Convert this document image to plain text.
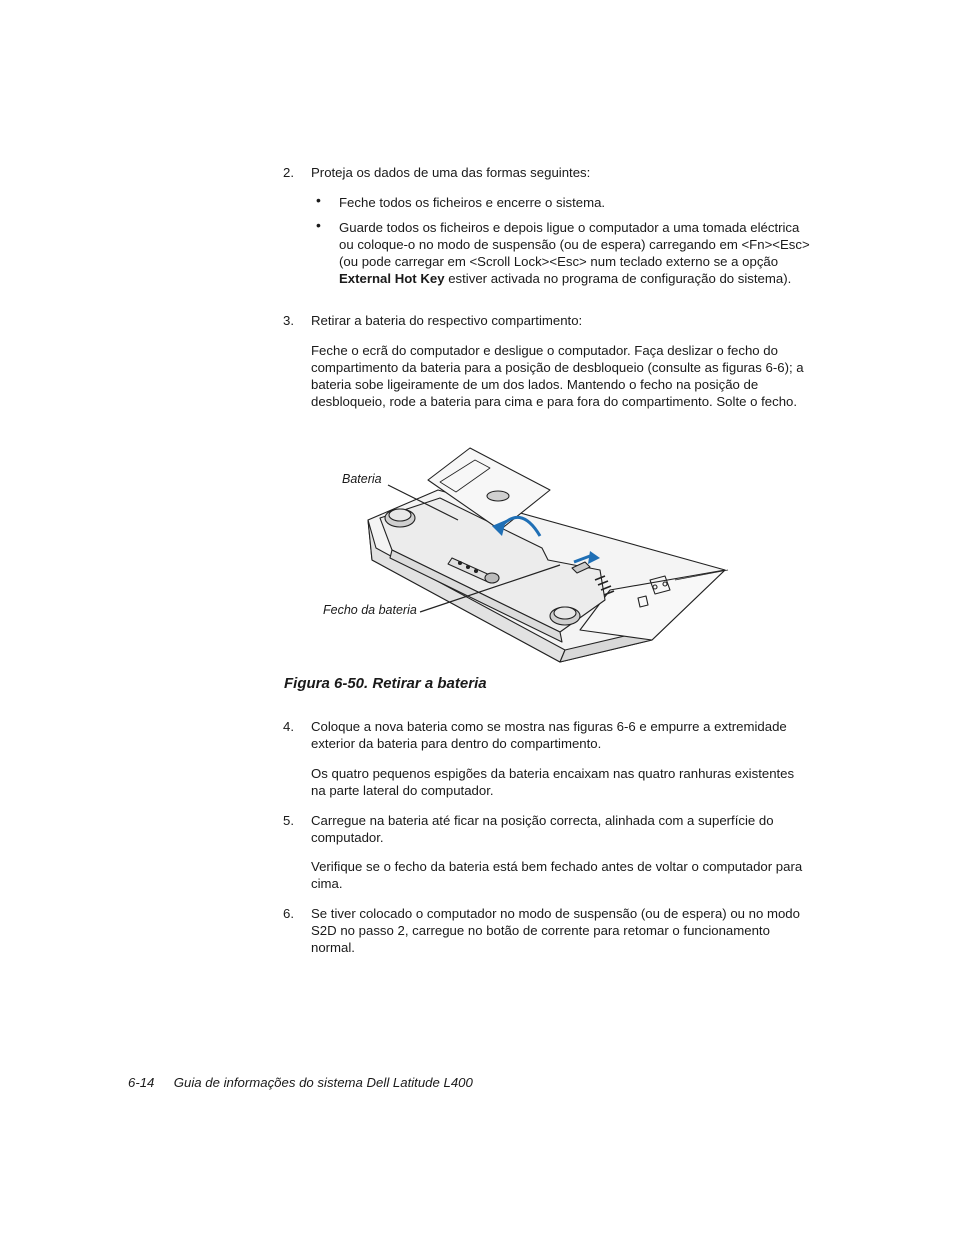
2. Proteja os dados de uma das formas seguintes:

• Feche todos os ficheiros e encerre o sistema.

• Guarde todos os ficheiros e depois ligue o computador a uma tomada eléctrica ou coloque-o no modo de suspensão (ou de espera) carregando em <Fn><Esc> (ou pode carregar em <Scroll Lock><Esc> num teclado externo se a opção External Hot Key estiver activada no programa de configuração do sistema).

3. Retirar a bateria do respectivo compartimento:

Feche o ecrã do computador e desligue o computador. Faça deslizar o fecho do compartimento da bateria para a posição de desbloqueio (consulte as figuras 6-6); a bateria sobe ligeiramente de um dos lados. Mantendo o fecho na posição de desbloqueio, rode a bateria para cima e para fora do compartimento. Solte o fecho.

Bateria
Fecho da bateria
Figura 6-50. Retirar a bateria
4. Coloque a nova bateria como se mostra nas figuras 6-6 e empurre a extremidade exterior da bateria para dentro do compartimento.

Os quatro pequenos espigões da bateria encaixam nas quatro ranhuras existentes na parte lateral do computador.

5. Carregue na bateria até ficar na posição correcta, alinhada com a superfície do computador.

Verifique se o fecho da bateria está bem fechado antes de voltar o computador para cima.

6. Se tiver colocado o computador no modo de suspensão (ou de espera) ou no modo S2D no passo 2, carregue no botão de corrente para retomar o funcionamento normal.

6-14 Guia de informações do sistema Dell Latitude L400
